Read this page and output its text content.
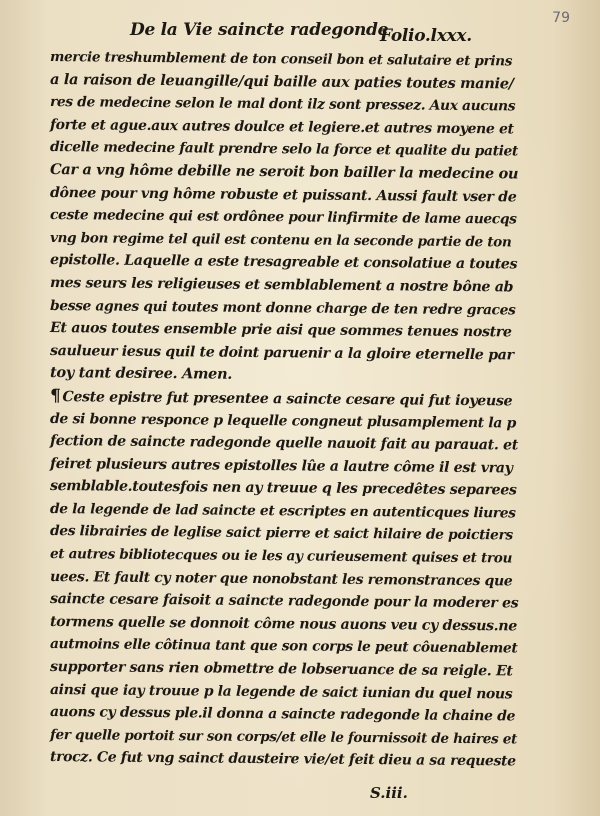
79
De la Vie saincte radegonde
Folio.lxxx.
mercie treshumblement de ton conseil bon et salutaire et prins
a la raison de leuangille/qui baille aux paties toutes manie/
res de medecine selon le mal dont ilz sont pressez. Aux aucuns
forte et ague.aux autres doulce et legiere.et autres moyene et
dicelle medecine fault prendre selo la force et qualite du patiet
Car a vng hôme debille ne seroit bon bailler la medecine ou
dônee pour vng hôme robuste et puissant. Aussi fault vser de
ceste medecine qui est ordônee pour linfirmite de lame auecqs
vng bon regime tel quil est contenu en la seconde partie de ton
epistolle. Laquelle a este tresagreable et consolatiue a toutes
mes seurs les religieuses et semblablement a nostre bône ab
besse agnes qui toutes mont donne charge de ten redre graces
Et auos toutes ensemble prie aisi que sommes tenues nostre
saulueur iesus quil te doint paruenir a la gloire eternelle par
toy tant desiree. Amen.
¶ Ceste epistre fut presentee a saincte cesare qui fut ioyeuse
de si bonne responce p lequelle congneut plusamplement la p
fection de saincte radegonde quelle nauoit fait au parauat. et
feiret plusieurs autres epistolles lûe a lautre côme il est vray
semblable.toutesfois nen ay treuue q les precedêtes separees
de la legende de lad saincte et escriptes en autenticques liures
des librairies de leglise saict pierre et saict hilaire de poictiers
et autres bibliotecques ou ie les ay curieusement quises et trou
uees. Et fault cy noter que nonobstant les remonstrances que
saincte cesare faisoit a saincte radegonde pour la moderer es
tormens quelle se donnoit côme nous auons veu cy dessus.ne
autmoins elle côtinua tant que son corps le peut côuenablemet
supporter sans rien obmettre de lobseruance de sa reigle. Et
ainsi que iay trouue p la legende de saict iunian du quel nous
auons cy dessus ple.il donna a saincte radegonde la chaine de
fer quelle portoit sur son corps/et elle le fournissoit de haires et
trocz. Ce fut vng sainct dausteire vie/et feit dieu a sa requeste
S.iii.
